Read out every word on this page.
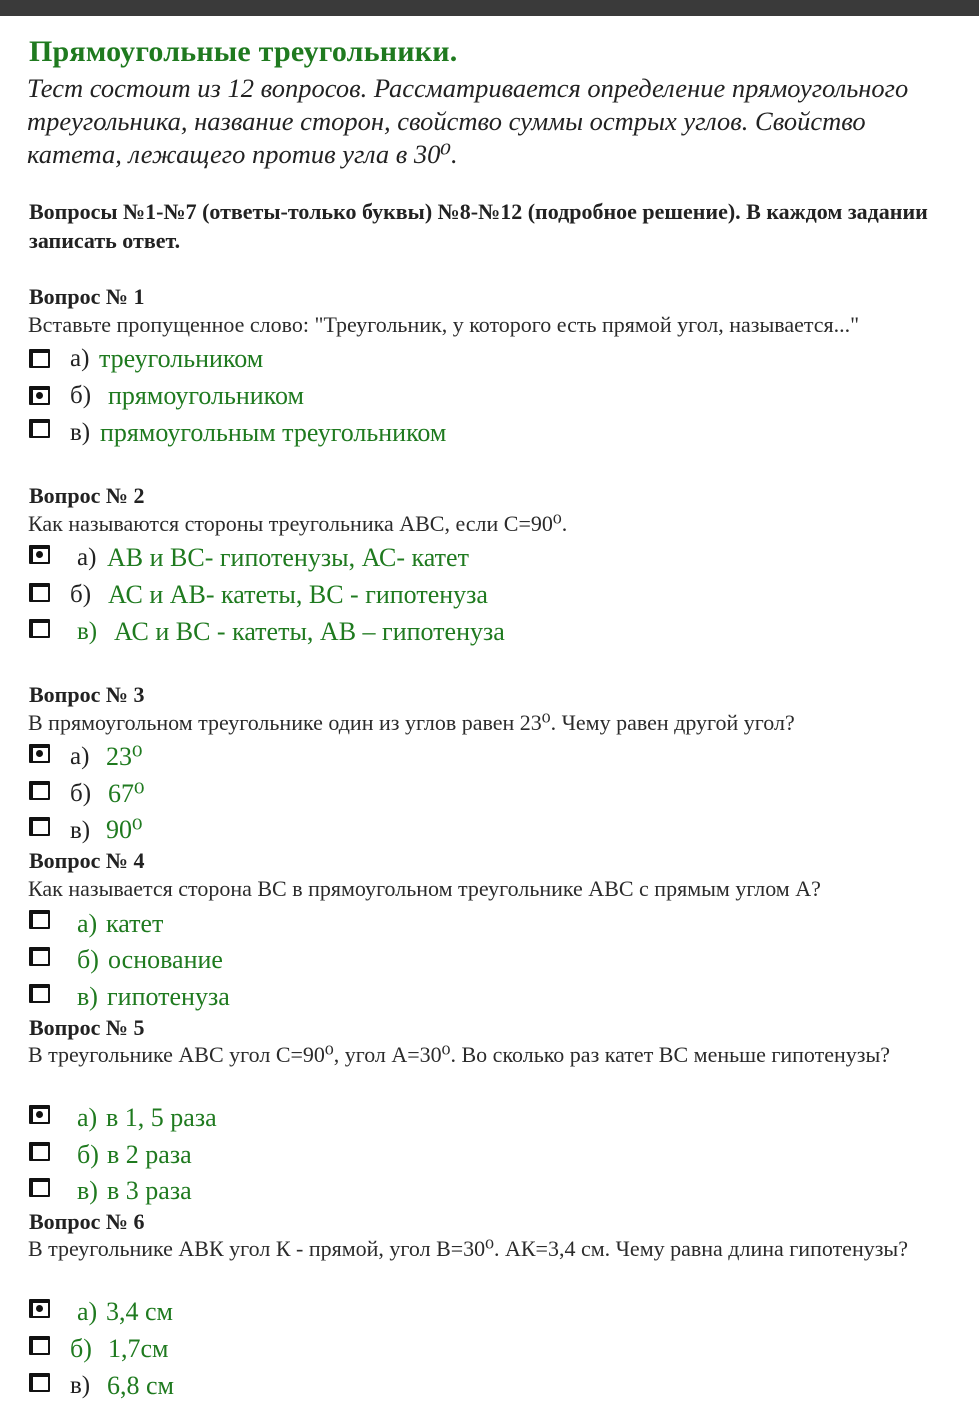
Прямоугольные треугольники.
Тест состоит из 12 вопросов. Рассматривается определение прямоугольного треугольника, название сторон, свойство суммы острых углов. Свойство катета, лежащего против угла в 30⁰.
Вопросы №1-№7 (ответы-только буквы) №8-№12 (подробное решение). В каждом задании записать ответ.
Вопрос № 1
Вставьте пропущенное слово: "Треугольник, у которого есть прямой угол, называется..."
а) треугольником
б) прямоугольником
в) прямоугольным треугольником
Вопрос № 2
Как называются стороны треугольника АВС, если С=90⁰.
а) АВ и ВС- гипотенузы, АС- катет
б) АС и АВ- катеты, ВС - гипотенуза
в) АС и ВС - катеты, АВ – гипотенуза
Вопрос № 3
В прямоугольном треугольнике один из углов равен 23⁰. Чему равен другой угол?
а) 23⁰
б) 67⁰
в) 90⁰
Вопрос № 4
Как называется сторона ВС в прямоугольном треугольнике АВС с прямым углом А?
а) катет
б) основание
в) гипотенуза
Вопрос № 5
В треугольнике АВС угол С=90⁰, угол А=30⁰. Во сколько раз катет ВС меньше гипотенузы?
а) в 1, 5 раза
б) в 2 раза
в) в 3 раза
Вопрос № 6
В треугольнике АВК угол К - прямой, угол В=30⁰. АК=3,4 см. Чему равна длина гипотенузы?
а) 3,4 см
б) 1,7см
в) 6,8 см
